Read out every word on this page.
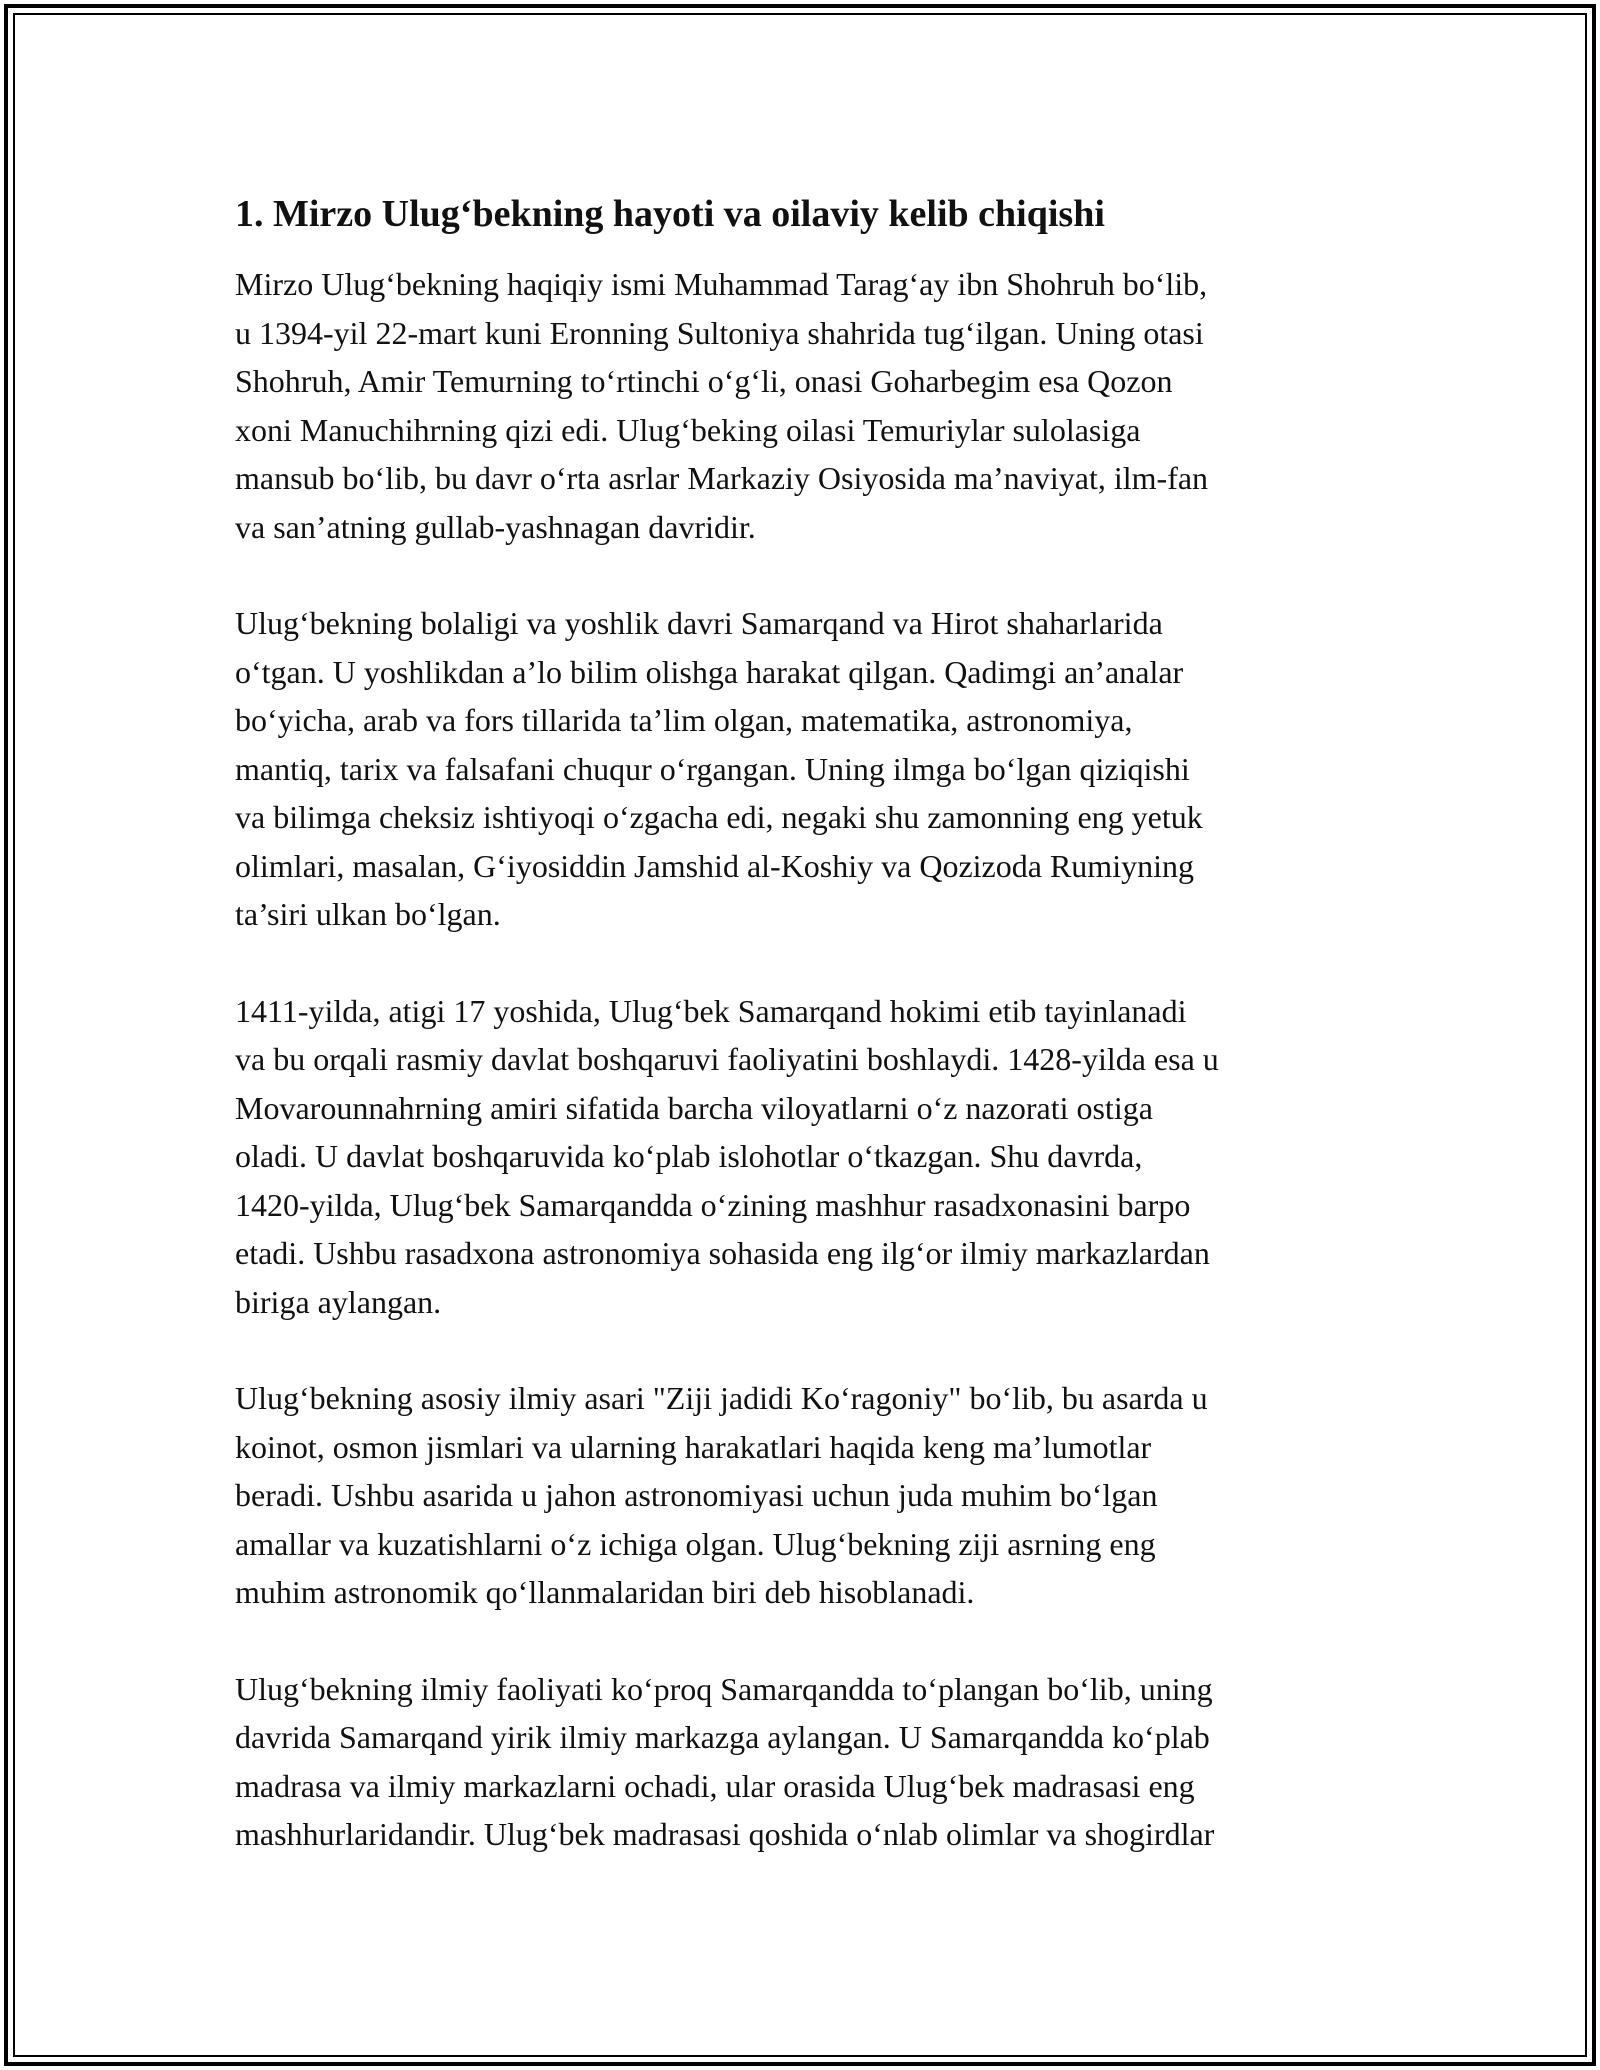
1. Mirzo Ulug‘bekning hayoti va oilaviy kelib chiqishi

Mirzo Ulug‘bekning haqiqiy ismi Muhammad Tarag‘ay ibn Shohruh bo‘lib,
u 1394-yil 22-mart kuni Eronning Sultoniya shahrida tug‘ilgan. Uning otasi
Shohruh, Amir Temurning to‘rtinchi o‘g‘li, onasi Goharbegim esa Qozon
xoni Manuchihrning qizi edi. Ulug‘beking oilasi Temuriylar sulolasiga
mansub bo‘lib, bu davr o‘rta asrlar Markaziy Osiyosida ma’naviyat, ilm-fan
va san’atning gullab-yashnagan davridir.

Ulug‘bekning bolaligi va yoshlik davri Samarqand va Hirot shaharlarida
o‘tgan. U yoshlikdan a’lo bilim olishga harakat qilgan. Qadimgi an’analar
bo‘yicha, arab va fors tillarida ta’lim olgan, matematika, astronomiya,
mantiq, tarix va falsafani chuqur o‘rgangan. Uning ilmga bo‘lgan qiziqishi
va bilimga cheksiz ishtiyoqi o‘zgacha edi, negaki shu zamonning eng yetuk
olimlari, masalan, G‘iyosiddin Jamshid al-Koshiy va Qozizoda Rumiyning
ta’siri ulkan bo‘lgan.

1411-yilda, atigi 17 yoshida, Ulug‘bek Samarqand hokimi etib tayinlanadi
va bu orqali rasmiy davlat boshqaruvi faoliyatini boshlaydi. 1428-yilda esa u
Movarounnahrning amiri sifatida barcha viloyatlarni o‘z nazorati ostiga
oladi. U davlat boshqaruvida ko‘plab islohotlar o‘tkazgan. Shu davrda,
1420-yilda, Ulug‘bek Samarqandda o‘zining mashhur rasadxonasini barpo
etadi. Ushbu rasadxona astronomiya sohasida eng ilg‘or ilmiy markazlardan
biriga aylangan.

Ulug‘bekning asosiy ilmiy asari "Ziji jadidi Ko‘ragoniy" bo‘lib, bu asarda u
koinot, osmon jismlari va ularning harakatlari haqida keng ma’lumotlar
beradi. Ushbu asarida u jahon astronomiyasi uchun juda muhim bo‘lgan
amallar va kuzatishlarni o‘z ichiga olgan. Ulug‘bekning ziji asrning eng
muhim astronomik qo‘llanmalaridan biri deb hisoblanadi.

Ulug‘bekning ilmiy faoliyati ko‘proq Samarqandda to‘plangan bo‘lib, uning
davrida Samarqand yirik ilmiy markazga aylangan. U Samarqandda ko‘plab
madrasa va ilmiy markazlarni ochadi, ular orasida Ulug‘bek madrasasi eng
mashhurlaridandir. Ulug‘bek madrasasi qoshida o‘nlab olimlar va shogirdlar
